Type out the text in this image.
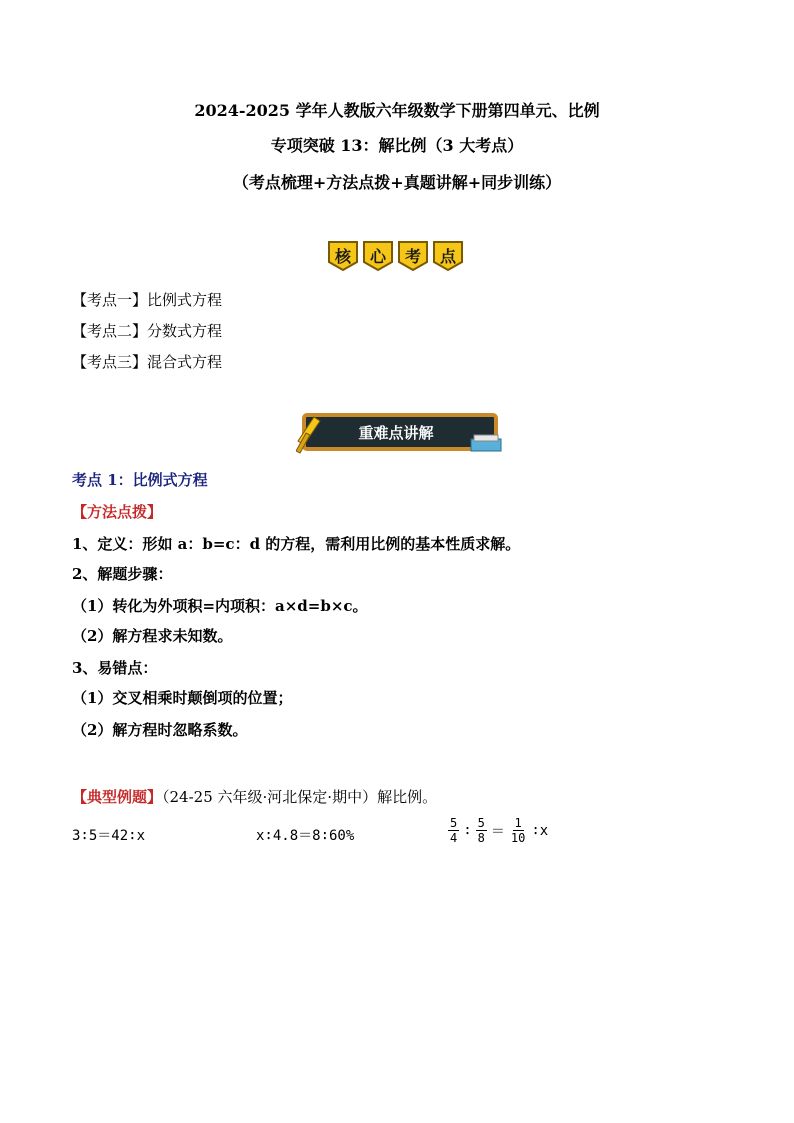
2024-2025 学年人教版六年级数学下册第四单元、比例
专项突破 13：解比例（3 大考点）
（考点梳理+方法点拨+真题讲解+同步训练）
核	心	考	点
【考点一】比例式方程
【考点二】分数式方程
【考点三】混合式方程
重难点讲解
考点 1：比例式方程
【方法点拨】
1、定义：形如 a：b=c：d 的方程，需利用比例的基本性质求解。
2、解题步骤：
（1）转化为外项积=内项积：a×d=b×c。
（2）解方程求未知数。
3、易错点：
（1）交叉相乘时颠倒项的位置；
（2）解方程时忽略系数。
【典型例题】（24-25 六年级·河北保定·期中）解比例。
3∶5＝42∶x	x∶4.8＝8∶60%	$\frac{5}{4}$ ∶ $\frac{5}{8} = \frac{1}{10}$ ∶x
